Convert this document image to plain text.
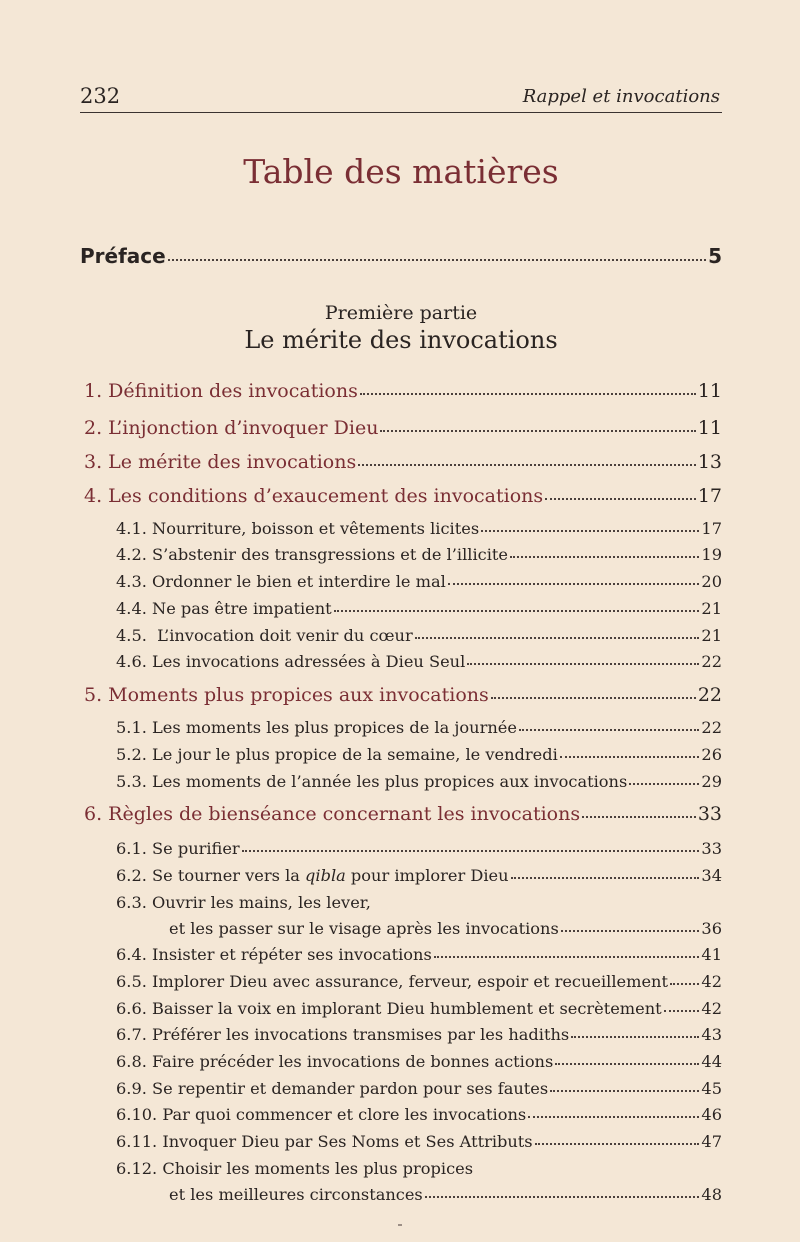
232	Rappel et invocations
Table des matières
Préface	5
Première partie
Le mérite des invocations
1. Définition des invocations	11
2. L’injonction d’invoquer Dieu	11
3. Le mérite des invocations	13
4. Les conditions d’exaucement des invocations	17
4.1. Nourriture, boisson et vêtements licites	17
4.2. S’abstenir des transgressions et de l’illicite	19
4.3. Ordonner le bien et interdire le mal	20
4.4. Ne pas être impatient	21
4.5.  L’invocation doit venir du cœur	21
4.6. Les invocations adressées à Dieu Seul	22
5. Moments plus propices aux invocations	22
5.1. Les moments les plus propices de la journée	22
5.2. Le jour le plus propice de la semaine, le vendredi	26
5.3. Les moments de l’année les plus propices aux invocations	29
6. Règles de bienséance concernant les invocations	33
6.1. Se purifier	33
6.2. Se tourner vers la qibla pour implorer Dieu	34
6.3. Ouvrir les mains, les lever,
et les passer sur le visage après les invocations	36
6.4. Insister et répéter ses invocations	41
6.5. Implorer Dieu avec assurance, ferveur, espoir et recueillement 42
6.6. Baisser la voix en implorant Dieu humblement et secrètement 42
6.7. Préférer les invocations transmises par les hadiths	43
6.8. Faire précéder les invocations de bonnes actions	44
6.9. Se repentir et demander pardon pour ses fautes	45
6.10. Par quoi commencer et clore les invocations	46
6.11. Invoquer Dieu par Ses Noms et Ses Attributs	47
6.12. Choisir les moments les plus propices
et les meilleures circonstances	48
